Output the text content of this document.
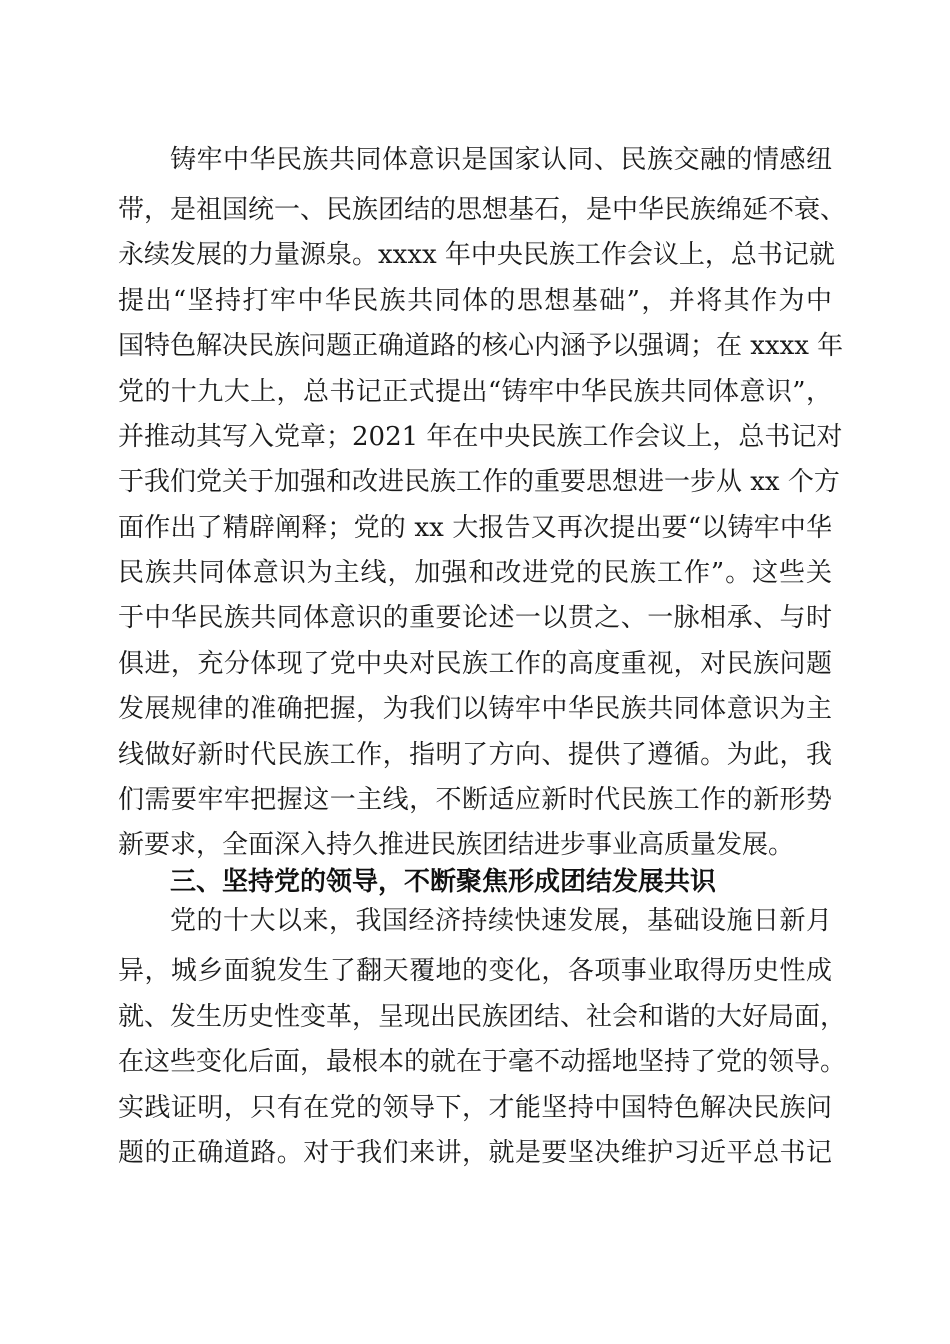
铸牢中华民族共同体意识是国家认同、民族交融的情感纽
带，是祖国统一、民族团结的思想基石，是中华民族绵延不衰、
永续发展的力量源泉。xxxx 年中央民族工作会议上，总书记就
提出“坚持打牢中华民族共同体的思想基础”，并将其作为中
国特色解决民族问题正确道路的核心内涵予以强调；在 xxxx 年
党的十九大上，总书记正式提出“铸牢中华民族共同体意识”，
并推动其写入党章；2021 年在中央民族工作会议上，总书记对
于我们党关于加强和改进民族工作的重要思想进一步从 xx 个方
面作出了精辟阐释；党的 xx 大报告又再次提出要“以铸牢中华
民族共同体意识为主线，加强和改进党的民族工作”。这些关
于中华民族共同体意识的重要论述一以贯之、一脉相承、与时
俱进，充分体现了党中央对民族工作的高度重视，对民族问题
发展规律的准确把握，为我们以铸牢中华民族共同体意识为主
线做好新时代民族工作，指明了方向、提供了遵循。为此，我
们需要牢牢把握这一主线，不断适应新时代民族工作的新形势
新要求，全面深入持久推进民族团结进步事业高质量发展。
三、坚持党的领导，不断聚焦形成团结发展共识
党的十大以来，我国经济持续快速发展，基础设施日新月
异，城乡面貌发生了翻天覆地的变化，各项事业取得历史性成
就、发生历史性变革，呈现出民族团结、社会和谐的大好局面，
在这些变化后面，最根本的就在于毫不动摇地坚持了党的领导。
实践证明，只有在党的领导下，才能坚持中国特色解决民族问
题的正确道路。对于我们来讲，就是要坚决维护习近平总书记
